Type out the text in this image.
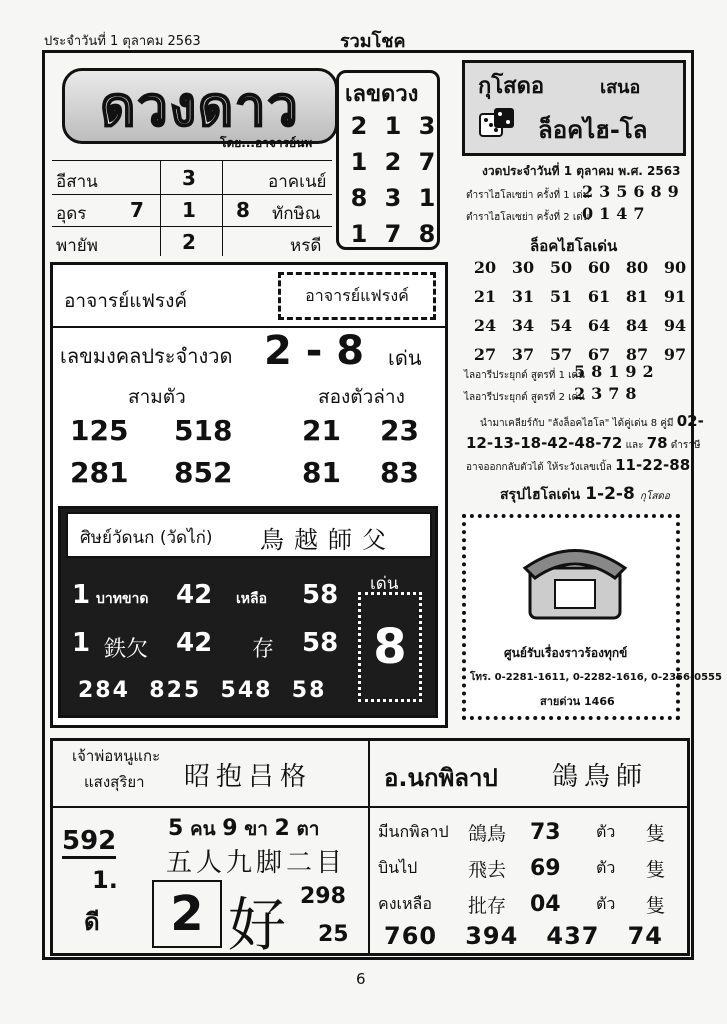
ประจำวันที่ 1 ตุลาคม 2563	รวมโชค
ดวงดาว
โดย...อาจารย์นพ
อีสาน	3	อาคเนย์
อุดร 7 1 8 ทักษิณ
พายัพ	2	หรดี
เลขดวง
2 1 3
1 2 7
8 3 1
1 7 8
กุโสดอ	เสนอ
ล็อคไฮ-โล
งวดประจำวันที่ 1 ตุลาคม พ.ศ. 2563
ตำราไฮโลเซย่า ครั้งที่ 1 เด่น
235689
ตำราไฮโลเซย่า ครั้งที่ 2 เด่น
0147
ล็อคไฮโลเด่น
20 30 50 60 80 90
21 31 51 61 81 91
24 34 54 64 84 94
27 37 57 67 87 97
ไลอารีประยุกต์ สูตรที่ 1 เด่น
58192
ไลอารีประยุกต์ สูตรที่ 2 เด่น
2378
นำมาเคลียร์กับ "ลังล็อคไฮโล" ได้คู่เด่น 8 คู่มี 02-
12-13-18-42-48-72 และ 78 ดำราษี
อาจออกกลับตัวได้ ให้ระวังเลขเบิ้ล 11-22-88
สรุปไฮโลเด่น 1-2-8 กุโสดอ
อาจารย์แฟรงค์	อาจารย์แฟรงค์
เลขมงคลประจำงวด 2 - 8 เด่น
สามตัว	สองตัวล่าง
125 518 21 23
281 852 81 83
ศิษย์วัดนก (วัดไก่) 鳥越師父
1 บาทขาด 42 เหลือ 58
1 鉄欠 42 存 58
284 825 548 58
เด่น
8	ศูนย์รับเรื่องราวร้องทุกข์
โทร. 0-2281-1611, 0-2282-1616, 0-2356-0555
สายด่วน 1466
เจ้าพ่อหนูแกะ
แสงสุริยา 昭抱吕格
592
1.
ดี
5 คน 9 ขา 2 ตา
五人九脚二目
2 好 298
25
อ.นกพิลาป 鴿鳥師
มีนกพิลาป	鴿鳥	73	ตัว	隻
บินไป	飛去	69	ตัว	隻
คงเหลือ	批存	04	ตัว	隻
760 394 437 74
6
